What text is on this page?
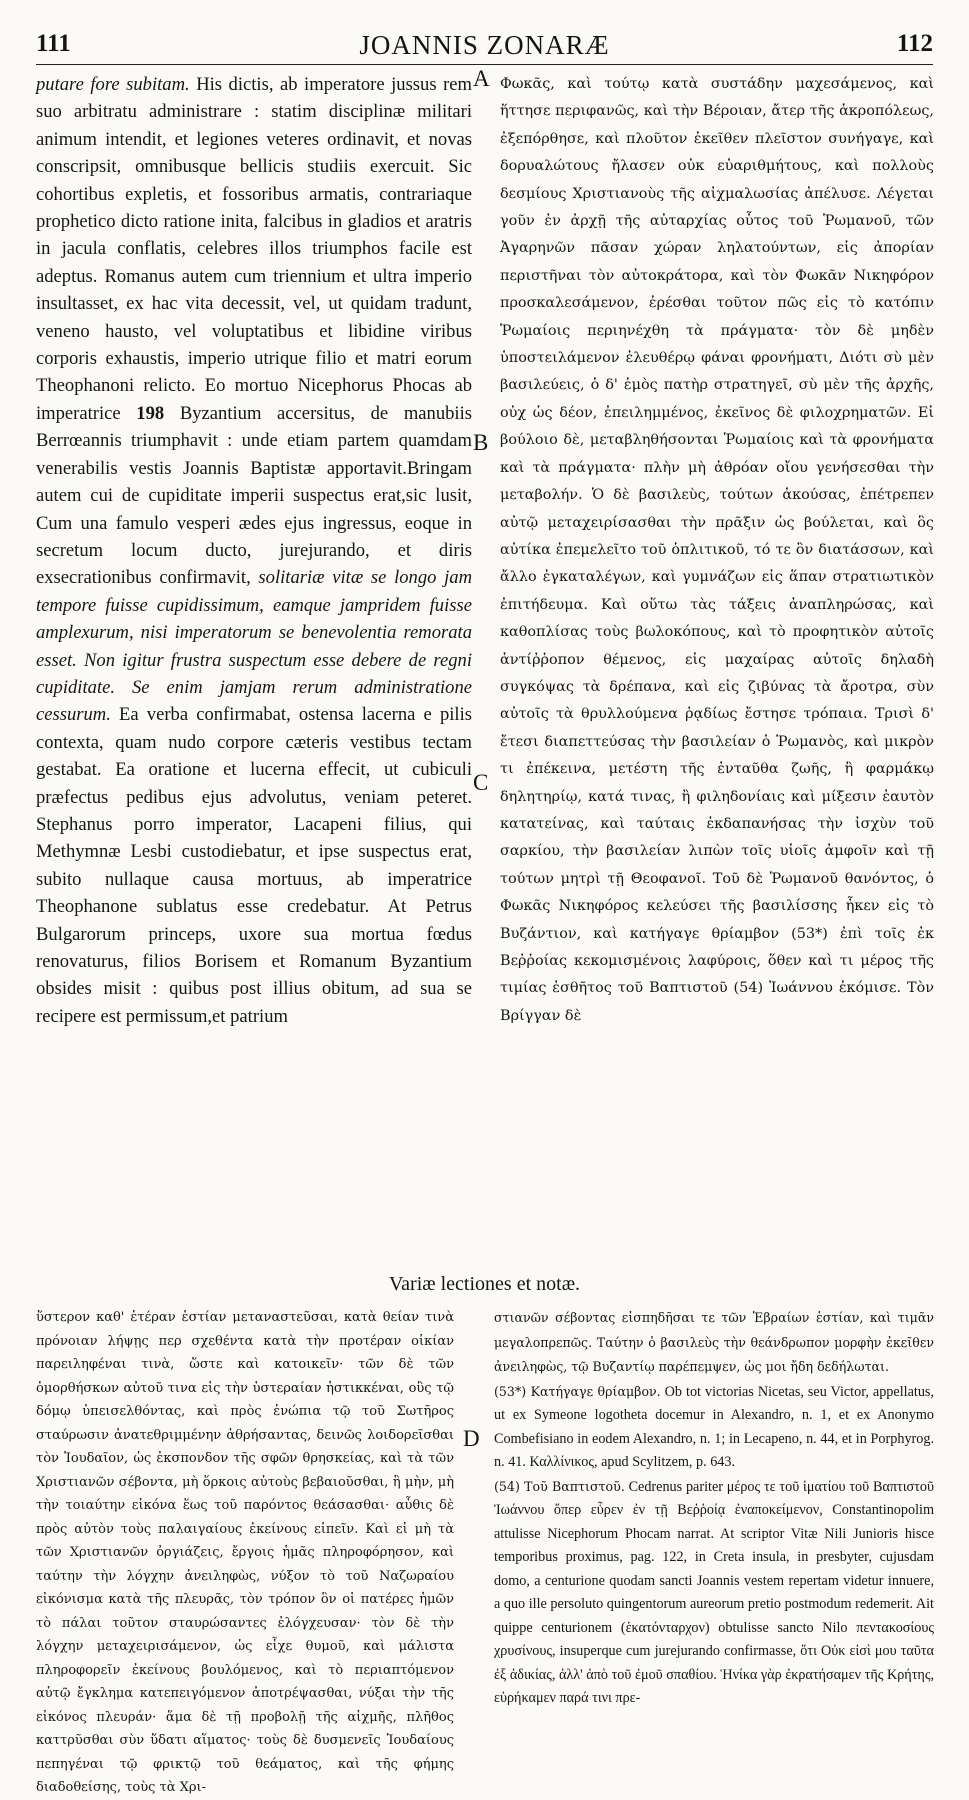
111	JOANNIS ZONARÆ	112
putare fore subitam. His dictis, ab imperatore jussus rem suo arbitratu administrare : statim disciplinæ militari animum intendit, et legiones veteres ordinavit, et novas conscripsit, omnibusque bellicis studiis exercuit. Sic cohortibus expletis, et fossoribus armatis, contrariaque prophetico dicto ratione inita, falcibus in gladios et aratris in jacula conflatis, celebres illos triumphos facile est adeptus. Romanus autem cum triennium et ultra imperio insultasset, ex hac vita decessit, vel, ut quidam tradunt, veneno hausto, vel voluptatibus et libidine viribus corporis exhaustis, imperio utrique filio et matri eorum Theophanoni relicto. Eo mortuo Nicephorus Phocas ab imperatrice 198 Byzantium accersitus, de manubiis Berrœannis triumphavit : unde etiam partem quamdam venerabilis vestis Joannis Baptistæ apportavit.Bringam autem cui de cupiditate imperii suspectus erat,sic lusit, Cum una famulo vesperi ædes ejus ingressus, eoque in secretum locum ducto, jurejurando, et diris exsecrationibus confirmavit, solitariæ vitæ se longo jam tempore fuisse cupidissimum, eamque jampridem fuisse amplexurum, nisi imperatorum se benevolentia remorata esset. Non igitur frustra suspectum esse debere de regni cupiditate. Se enim jamjam rerum administratione cessurum. Ea verba confirmabat, ostensa lacerna e pilis contexta, quam nudo corpore cæteris vestibus tectam gestabat. Ea oratione et lucerna effecit, ut cubiculi præfectus pedibus ejus advolutus, veniam peteret. Stephanus porro imperator, Lacapeni filius, qui Methymnæ Lesbi custodiebatur, et ipse suspectus erat, subito nullaque causa mortuus, ab imperatrice Theophanone sublatus esse credebatur. At Petrus Bulgarorum princeps, uxore sua mortua fœdus renovaturus, filios Borisem et Romanum Byzantium obsides misit : quibus post illius obitum, ad sua se recipere est permissum,et patrium
A
B
C
Φωκᾶς, καὶ τούτῳ κατὰ συστάδην μαχεσάμενος, καὶ ἥττησε περιφανῶς, καὶ τὴν Βέροιαν, ἄτερ τῆς ἀκροπόλεως, ἐξεπόρθησε, καὶ πλοῦτον ἐκεῖθεν πλεῖστον συνήγαγε, καὶ δορυαλώτους ἤλασεν οὐκ εὐαριθμήτους, καὶ πολλοὺς δεσμίους Χριστιανοὺς τῆς αἰχμαλωσίας ἀπέλυσε. Λέγεται γοῦν ἐν ἀρχῇ τῆς αὐταρχίας οὗτος τοῦ Ῥωμανοῦ, τῶν Ἀγαρηνῶν πᾶσαν χώραν ληλατούντων, εἰς ἀπορίαν περιστῆναι τὸν αὐτοκράτορα, καὶ τὸν Φωκᾶν Νικηφόρον προσκαλεσάμενον, ἐρέσθαι τοῦτον πῶς εἰς τὸ κατόπιν Ῥωμαίοις περιηνέχθη τὰ πράγματα· τὸν δὲ μηδὲν ὑποστειλάμενον ἐλευθέρῳ φάναι φρονήματι, Διότι σὺ μὲν βασιλεύεις, ὁ δ' ἐμὸς πατὴρ στρατηγεῖ, σὺ μὲν τῆς ἀρχῆς, οὐχ ὡς δέον, ἐπειλημμένος, ἐκεῖνος δὲ φιλοχρηματῶν. Εἰ βούλοιο δὲ, μεταβληθήσονται Ῥωμαίοις καὶ τὰ φρονήματα καὶ τὰ πράγματα· πλὴν μὴ ἀθρόαν οἴου γενήσεσθαι τὴν μεταβολήν. Ὁ δὲ βασιλεὺς, τούτων ἀκούσας, ἐπέτρεπεν αὐτῷ μεταχειρίσασθαι τὴν πρᾶξιν ὡς βούλεται, καὶ ὃς αὐτίκα ἐπεμελεῖτο τοῦ ὁπλιτικοῦ, τό τε ὂν διατάσσων, καὶ ἄλλο ἐγκαταλέγων, καὶ γυμνάζων εἰς ἅπαν στρατιωτικὸν ἐπιτήδευμα. Καὶ οὕτω τὰς τάξεις ἀναπληρώσας, καὶ καθοπλίσας τοὺς βωλοκόπους, καὶ τὸ προφητικὸν αὐτοῖς ἀντίῤῥοπον θέμενος, εἰς μαχαίρας αὐτοῖς δηλαδὴ συγκόψας τὰ δρέπανα, καὶ εἰς ζιβύνας τὰ ἄροτρα, σὺν αὐτοῖς τὰ θρυλλούμενα ῥᾳδίως ἔστησε τρόπαια. Τρισὶ δ' ἔτεσι διαπεττεύσας τὴν βασιλείαν ὁ Ῥωμανὸς, καὶ μικρὸν τι ἐπέκεινα, μετέστη τῆς ἐνταῦθα ζωῆς, ἢ φαρμάκῳ δηλητηρίῳ, κατά τινας, ἢ φιληδονίαις καὶ μίξεσιν ἑαυτὸν κατατείνας, καὶ ταύταις ἐκδαπανήσας τὴν ἰσχὺν τοῦ σαρκίου, τὴν βασιλείαν λιπὼν τοῖς υἱοῖς ἀμφοῖν καὶ τῇ τούτων μητρὶ τῇ Θεοφανοῖ. Τοῦ δὲ Ῥωμανοῦ θανόντος, ὁ Φωκᾶς Νικηφόρος κελεύσει τῆς βασιλίσσης ἧκεν εἰς τὸ Βυζάντιον, καὶ κατήγαγε θρίαμβον (53*) ἐπὶ τοῖς ἐκ Βεῤῥοίας κεκομισμένοις λαφύροις, ὅθεν καὶ τι μέρος τῆς τιμίας ἐσθῆτος τοῦ Βαπτιστοῦ (54) Ἰωάννου ἐκόμισε. Τὸν Βρίγγαν δὲ
Variæ lectiones et notæ.
ὕστερον καθ' ἑτέραν ἑστίαν μεταναστεῦσαι, κατὰ θείαν τινὰ πρόνοιαν λήψῃς περ σχεθέντα κατὰ τὴν προτέραν οἰκίαν παρειληφέναι τινὰ, ὥστε καὶ κατοικεῖν· τῶν δὲ τῶν ὁμορθήσκων αὐτοῦ τινα εἰς τὴν ὑστεραίαν ἠστικκέναι, οὓς τῷ δόμῳ ὑπεισελθόντας, καὶ πρὸς ἐνώπια τῷ τοῦ Σωτῆρος σταύρωσιν ἀνατεθριμμένην ἀθρήσαντας, δεινῶς λοιδορεῖσθαι τὸν Ἰουδαῖον, ὡς ἐκσπονδον τῆς σφῶν θρησκείας, καὶ τὰ τῶν Χριστιανῶν σέβοντα, μὴ ὅρκοις αὐτοὺς βεβαιοῦσθαι, ἢ μὴν, μὴ τὴν τοιαύτην εἰκόνα ἕως τοῦ παρόντος θεάσασθαι· αὖθις δὲ πρὸς αὐτὸν τοὺς παλαιγαίους ἐκείνους εἰπεῖν. Καὶ εἰ μὴ τὰ τῶν Χριστιανῶν ὀργιάζεις, ἔργοις ἡμᾶς πληροφόρησον, καὶ ταύτην τὴν λόγχην ἀνειληφὼς, νύξον τὸ τοῦ Ναζωραίου εἰκόνισμα κατὰ τῆς πλευρᾶς, τὸν τρόπον ὃν οἱ πατέρες ἡμῶν τὸ πάλαι τοῦτον σταυρώσαντες ἐλόγχευσαν· τὸν δὲ τὴν λόγχην μεταχειρισάμενον, ὡς εἶχε θυμοῦ, καὶ μάλιστα πληροφορεῖν ἐκείνους βουλόμενος, καὶ τὸ περιαπτόμενον αὐτῷ ἔγκλημα κατεπειγόμενον ἀποτρέψασθαι, νύξαι τὴν τῆς εἰκόνος πλευράν· ἅμα δὲ τῇ προβολῇ τῆς αἰχμῆς, πλῆθος καττρῦσθαι σὺν ὕδατι αἵματος· τοὺς δὲ δυσμενεῖς Ἰουδαίους πεπηγέναι τῷ φρικτῷ τοῦ θεάματος, καὶ τῆς φήμης διαδοθείσης, τοὺς τὰ Χρι-
D
στιανῶν σέβοντας εἰσπηδῆσαι τε τῶν Ἑβραίων ἑστίαν, καὶ τιμᾶν μεγαλοπρεπῶς. Ταύτην ὁ βασιλεὺς τὴν θεάνδρωπον μορφὴν ἐκεῖθεν ἀνειληφὼς, τῷ Βυζαντίῳ παρέπεμψεν, ὡς μοι ἤδη δεδήλωται.
(53*) Κατήγαγε θρίαμβον. Ob tot victorias Nicetas, seu Victor, appellatus, ut ex Symeone logotheta docemur in Alexandro, n. 1, et ex Anonymo Combefisiano in eodem Alexandro, n. 1; in Lecapeno, n. 44, et in Porphyrog. n. 41. Καλλίνικος, apud Scylitzem, p. 643.
(54) Τοῦ Βαπτιστοῦ. Cedrenus pariter μέρος τε τοῦ ἱματίου τοῦ Βαπτιστοῦ Ἰωάννου ὅπερ εὗρεν ἐν τῇ Βεῤῥοίᾳ ἐναποκείμενον, Constantinopolim attulisse Nicephorum Phocam narrat. At scriptor Vitæ Nili Junioris hisce temporibus proximus, pag. 122, in Creta insula, in presbyter, cujusdam domo, a centurione quodam sancti Joannis vestem repertam videtur innuere, a quo ille persoluto quingentorum aureorum pretio postmodum redemerit. Ait quippe centurionem (ἑκατόνταρχον) obtulisse sancto Nilo πεντακοσίους χρυσίνους, insuperque cum jurejurando confirmasse, ὅτι Οὐκ εἰσὶ μου ταῦτα ἐξ ἀδικίας, ἀλλ' ἀπὸ τοῦ ἐμοῦ σπαθίου. Ἡνίκα γὰρ ἐκρατήσαμεν τῆς Κρήτης, εὑρήκαμεν παρά τινι πρε-
